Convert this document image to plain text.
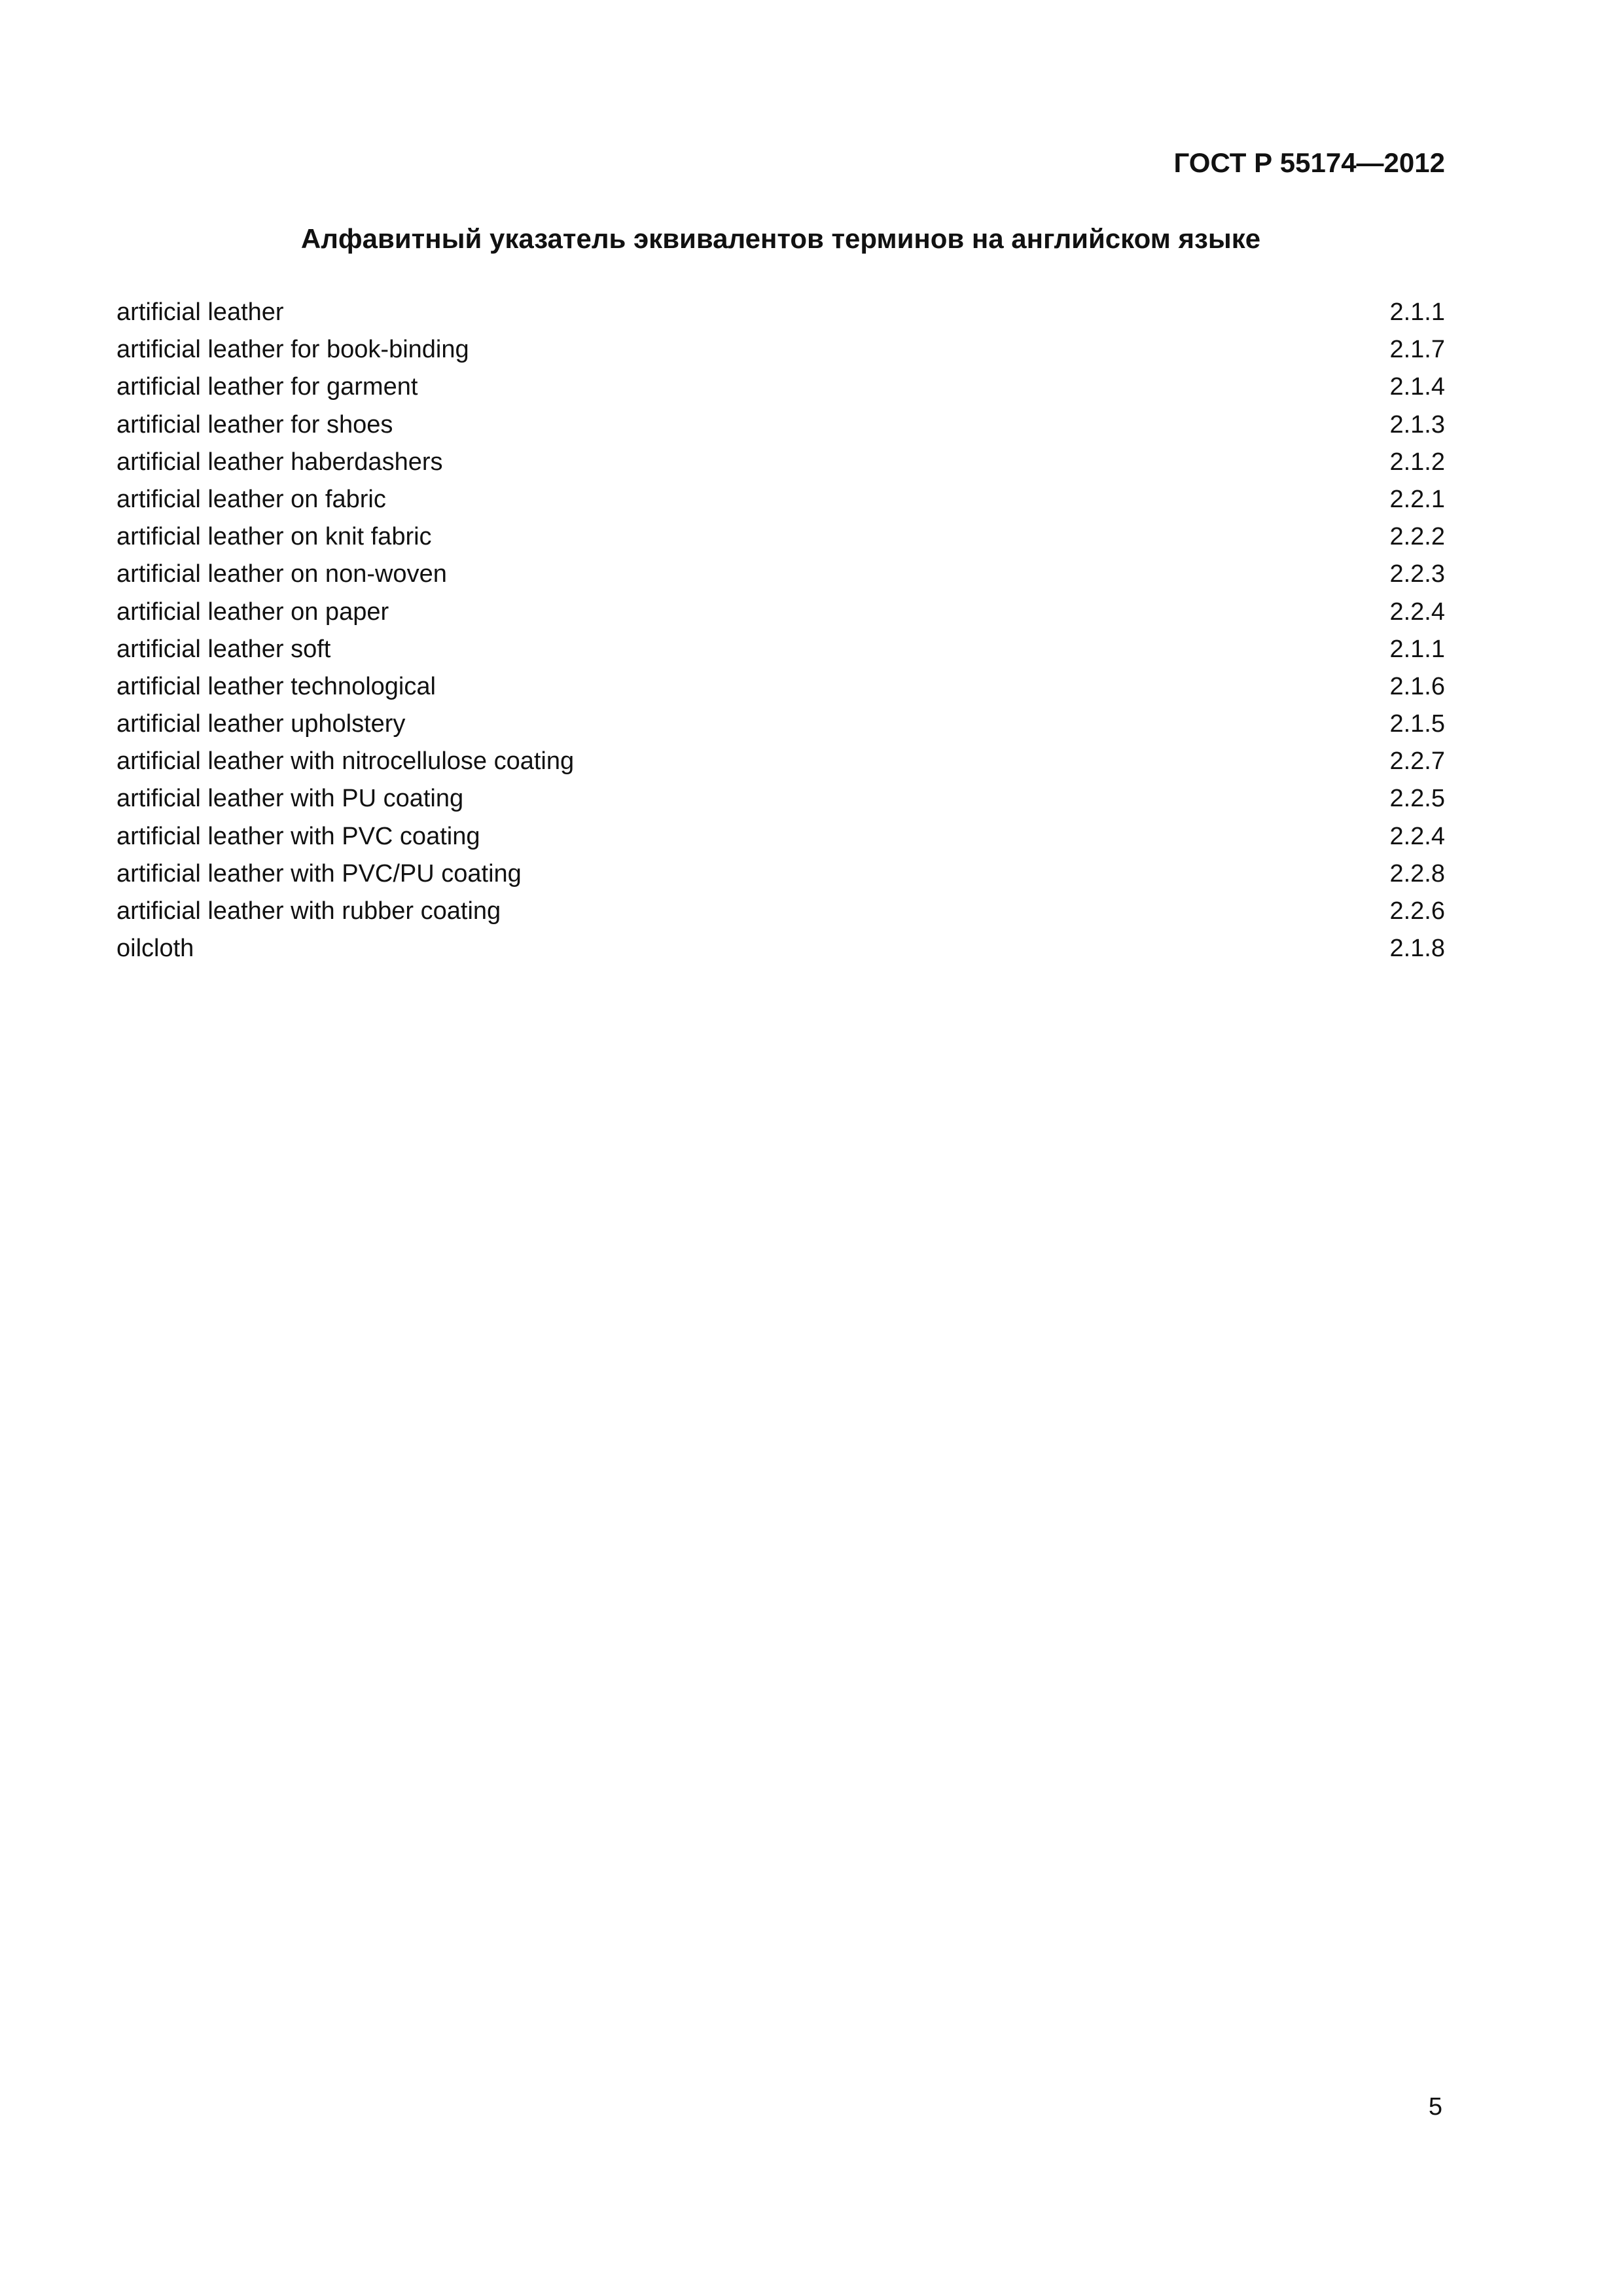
ГОСТ Р 55174—2012
Алфавитный указатель эквивалентов терминов на английском языке
artificial leather	2.1.1
artificial leather for book-binding	2.1.7
artificial leather for garment	2.1.4
artificial leather for shoes	2.1.3
artificial leather haberdashers	2.1.2
artificial leather on fabric	2.2.1
artificial leather on knit fabric	2.2.2
artificial leather on non-woven	2.2.3
artificial leather on paper	2.2.4
artificial leather soft	2.1.1
artificial leather technological	2.1.6
artificial leather upholstery	2.1.5
artificial leather with nitrocellulose coating	2.2.7
artificial leather with PU coating	2.2.5
artificial leather with PVC coating	2.2.4
artificial leather with PVC/PU coating	2.2.8
artificial leather with rubber coating	2.2.6
oilcloth	2.1.8
5
